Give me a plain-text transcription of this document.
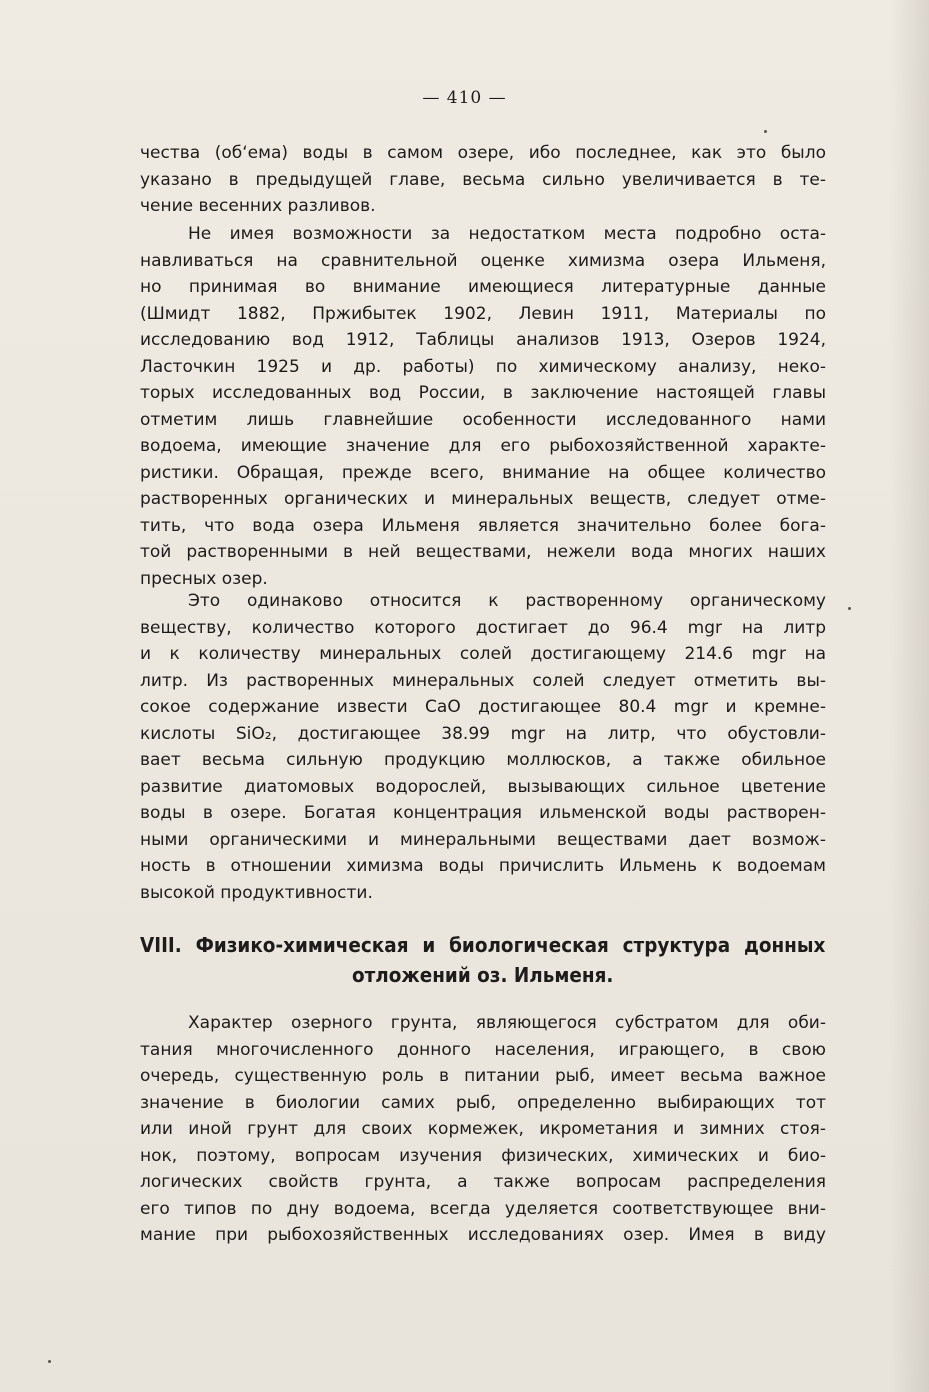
— 410 —
чества (об‘ема) воды в самом озере, ибо последнее, как это было
указано в предыдущей главе, весьма сильно увеличивается в те-
чение весенних разливов.
Не имея возможности за недостатком места подробно оста-
навливаться на сравнительной оценке химизма озера Ильменя,
но принимая во внимание имеющиеся литературные данные
(Шмидт 1882, Пржибытек 1902, Левин 1911, Материалы по
исследованию вод 1912, Таблицы анализов 1913, Озеров 1924,
Ласточкин 1925 и др. работы) по химическому анализу, неко-
торых исследованных вод России, в заключение настоящей главы
отметим лишь главнейшие особенности исследованного нами
водоема, имеющие значение для его рыбохозяйственной характе-
ристики. Обращая, прежде всего, внимание на общее количество
растворенных органических и минеральных веществ, следует отме-
тить, что вода озера Ильменя является значительно более бога-
той растворенными в ней веществами, нежели вода многих наших
пресных озер.
Это одинаково относится к растворенному органическому
веществу, количество которого достигает до 96.4 mgr на литр
и к количеству минеральных солей достигающему 214.6 mgr на
литр. Из растворенных минеральных солей следует отметить вы-
сокое содержание извести CaO достигающее 80.4 mgr и кремне-
кислоты SiO₂, достигающее 38.99 mgr на литр, что обустовли-
вает весьма сильную продукцию моллюсков, а также обильное
развитие диатомовых водорослей, вызывающих сильное цветение
воды в озере. Богатая концентрация ильменской воды растворен-
ными органическими и минеральными веществами дает возмож-
ность в отношении химизма воды причислить Ильмень к водоемам
высокой продуктивности.
VIII. Физико-химическая и биологическая структура донных
отложений оз. Ильменя.
Характер озерного грунта, являющегося субстратом для оби-
тания многочисленного донного населения, играющего, в свою
очередь, существенную роль в питании рыб, имеет весьма важное
значение в биологии самих рыб, определенно выбирающих тот
или иной грунт для своих кормежек, икрометания и зимних стоя-
нок, поэтому, вопросам изучения физических, химических и био-
логических свойств грунта, а также вопросам распределения
его типов по дну водоема, всегда уделяется соответствующее вни-
мание при рыбохозяйственных исследованиях озер. Имея в виду
